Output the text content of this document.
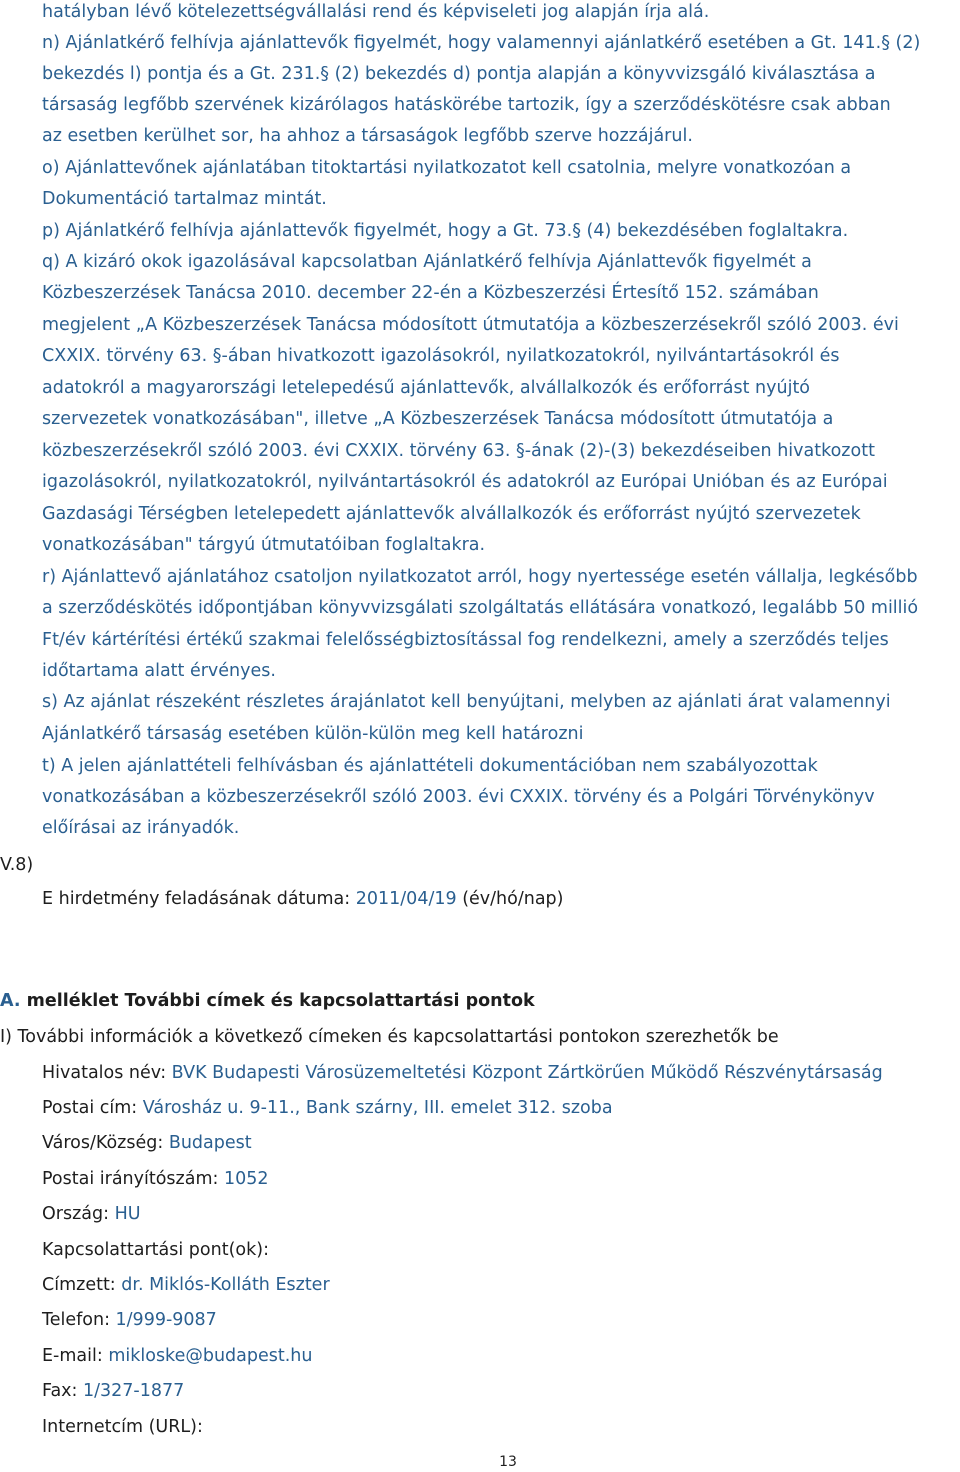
hatályban lévő kötelezettségvállalási rend és képviseleti jog alapján írja alá.
n) Ajánlatkérő felhívja ajánlattevők figyelmét, hogy valamennyi ajánlatkérő esetében a Gt. 141.§ (2)
bekezdés l) pontja és a Gt. 231.§ (2) bekezdés d) pontja alapján a könyvvizsgáló kiválasztása a
társaság legfőbb szervének kizárólagos hatáskörébe tartozik, így a szerződéskötésre csak abban
az esetben kerülhet sor, ha ahhoz a társaságok legfőbb szerve hozzájárul.
o) Ajánlattevőnek ajánlatában titoktartási nyilatkozatot kell csatolnia, melyre vonatkozóan a
Dokumentáció tartalmaz mintát.
p) Ajánlatkérő felhívja ajánlattevők figyelmét, hogy a Gt. 73.§ (4) bekezdésében foglaltakra.
q) A kizáró okok igazolásával kapcsolatban Ajánlatkérő felhívja Ajánlattevők figyelmét a
Közbeszerzések Tanácsa 2010. december 22-én a Közbeszerzési Értesítő 152. számában
megjelent „A Közbeszerzések Tanácsa módosított útmutatója a közbeszerzésekről szóló 2003. évi
CXXIX. törvény 63. §-ában hivatkozott igazolásokról, nyilatkozatokról, nyilvántartásokról és
adatokról a magyarországi letelepedésű ajánlattevők, alvállalkozók és erőforrást nyújtó
szervezetek vonatkozásában", illetve „A Közbeszerzések Tanácsa módosított útmutatója a
közbeszerzésekről szóló 2003. évi CXXIX. törvény 63. §-ának (2)-(3) bekezdéseiben hivatkozott
igazolásokról, nyilatkozatokról, nyilvántartásokról és adatokról az Európai Unióban és az Európai
Gazdasági Térségben letelepedett ajánlattevők alvállalkozók és erőforrást nyújtó szervezetek
vonatkozásában" tárgyú útmutatóiban foglaltakra.
r) Ajánlattevő ajánlatához csatoljon nyilatkozatot arról, hogy nyertessége esetén vállalja, legkésőbb
a szerződéskötés időpontjában könyvvizsgálati szolgáltatás ellátására vonatkozó, legalább 50 millió
Ft/év kártérítési értékű szakmai felelősségbiztosítással fog rendelkezni, amely a szerződés teljes
időtartama alatt érvényes.
s) Az ajánlat részeként részletes árajánlatot kell benyújtani, melyben az ajánlati árat valamennyi
Ajánlatkérő társaság esetében külön-külön meg kell határozni
t) A jelen ajánlattételi felhívásban és ajánlattételi dokumentációban nem szabályozottak
vonatkozásában a közbeszerzésekről szóló 2003. évi CXXIX. törvény és a Polgári Törvénykönyv
előírásai az irányadók.
V.8)
E hirdetmény feladásának dátuma: 2011/04/19 (év/hó/nap)
A. melléklet További címek és kapcsolattartási pontok
I) További információk a következő címeken és kapcsolattartási pontokon szerezhetők be
Hivatalos név: BVK Budapesti Városüzemeltetési Központ Zártkörűen Működő Részvénytársaság
Postai cím: Városház u. 9-11., Bank szárny, III. emelet 312. szoba
Város/Község: Budapest
Postai irányítószám: 1052
Ország: HU
Kapcsolattartási pont(ok):
Címzett: dr. Miklós-Kolláth Eszter
Telefon: 1/999-9087
E-mail: mikloske@budapest.hu
Fax: 1/327-1877
Internetcím (URL):
13
